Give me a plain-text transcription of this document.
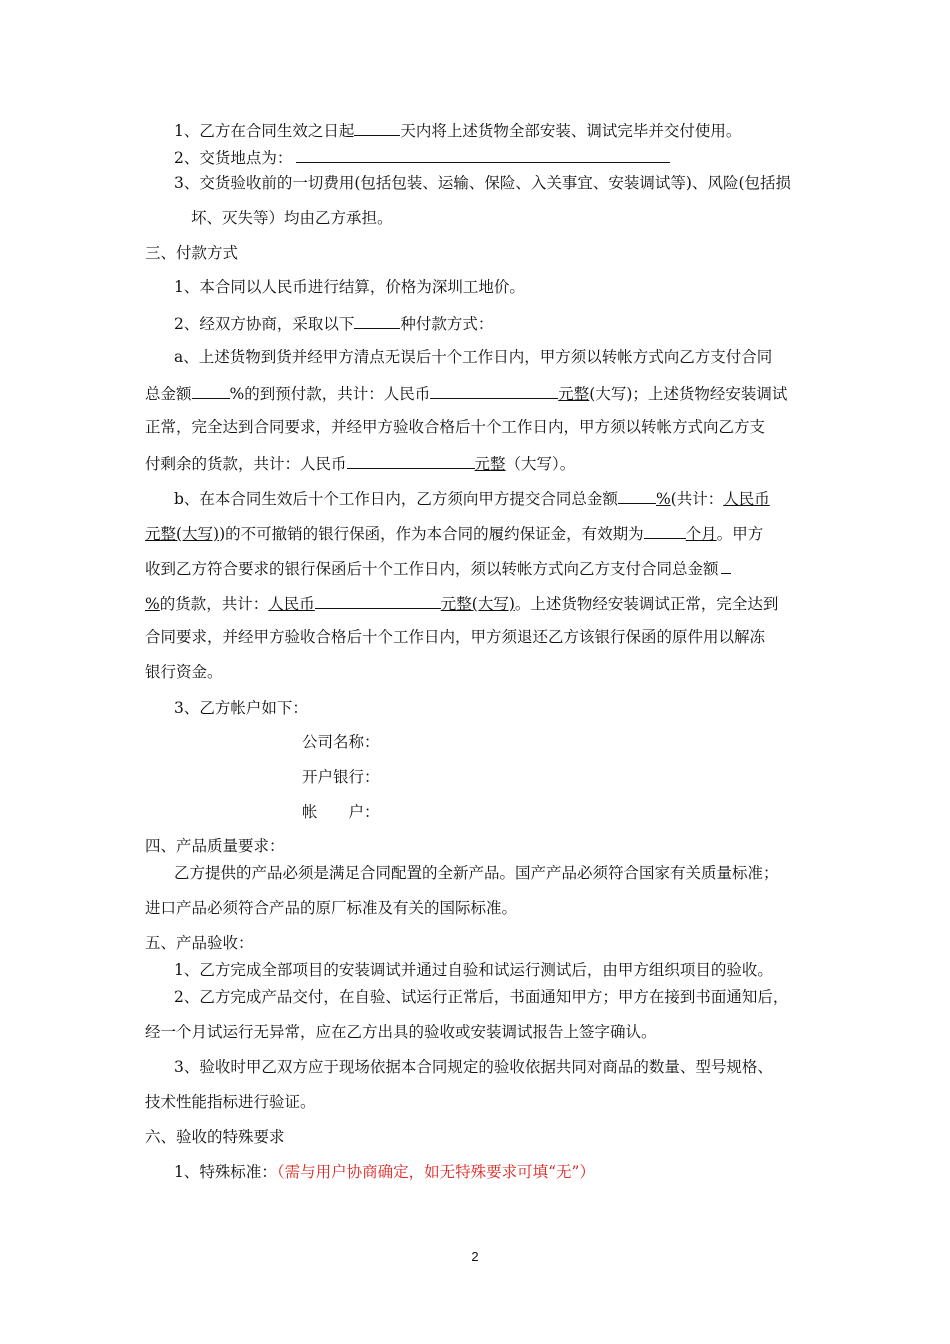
1、乙方在合同生效之日起	天内将上述货物全部安装、调试完毕并交付使用。
2、交货地点为：
3、交货验收前的一切费用(包括包装、运输、保险、入关事宜、安装调试等)、风险(包括损
坏、灭失等）均由乙方承担。
三、付款方式
1、本合同以人民币进行结算，价格为深圳工地价。
2、经双方协商，采取以下	种付款方式：
a、上述货物到货并经甲方清点无误后十个工作日内，甲方须以转帐方式向乙方支付合同
总金额 %的到预付款，共计：人民币	元整(大写)；上述货物经安装调试
正常，完全达到合同要求，并经甲方验收合格后十个工作日内，甲方须以转帐方式向乙方支
付剩余的货款，共计：人民币	元整（大写）。
b、在本合同生效后十个工作日内，乙方须向甲方提交合同总金额 %(共计：人民币
元整(大写))的不可撤销的银行保函，作为本合同的履约保证金，有效期为	个月。甲方
收到乙方符合要求的银行保函后十个工作日内，须以转帐方式向乙方支付合同总金额
%的货款，共计：人民币	元整(大写)。上述货物经安装调试正常，完全达到
合同要求，并经甲方验收合格后十个工作日内，甲方须退还乙方该银行保函的原件用以解冻
银行资金。
3、乙方帐户如下：
公司名称：
开户银行：
帐　　户：
四、产品质量要求：
乙方提供的产品必须是满足合同配置的全新产品。国产产品必须符合国家有关质量标准；
进口产品必须符合产品的原厂标准及有关的国际标准。
五、产品验收：
1、乙方完成全部项目的安装调试并通过自验和试运行测试后，由甲方组织项目的验收。
2、乙方完成产品交付，在自验、试运行正常后，书面通知甲方；甲方在接到书面通知后，
经一个月试运行无异常，应在乙方出具的验收或安装调试报告上签字确认。
3、验收时甲乙双方应于现场依据本合同规定的验收依据共同对商品的数量、型号规格、
技术性能指标进行验证。
六、验收的特殊要求
1、特殊标准：（需与用户协商确定，如无特殊要求可填“无”）
2
